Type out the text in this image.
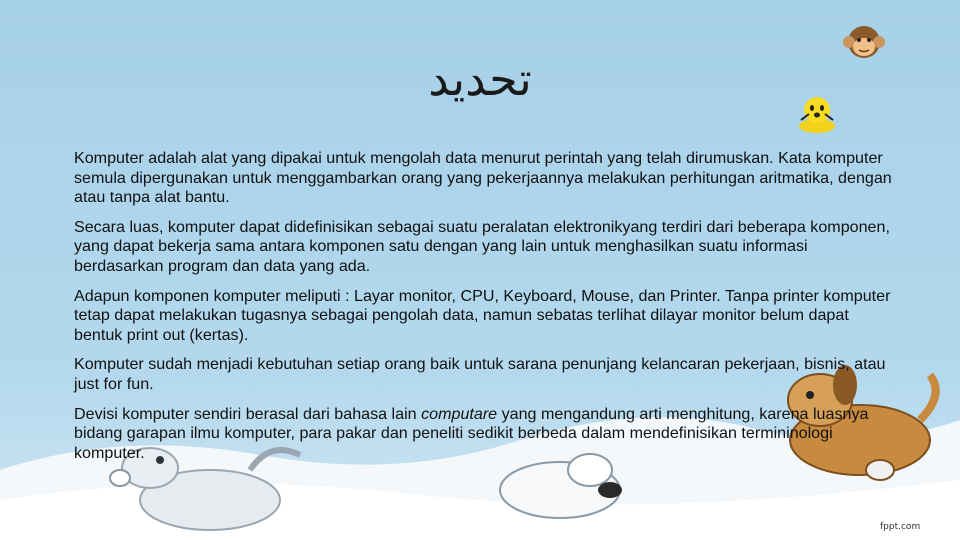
تحديد

Komputer adalah alat yang dipakai untuk mengolah data menurut perintah yang telah dirumuskan. Kata komputer semula dipergunakan untuk menggambarkan orang yang pekerjaannya melakukan perhitungan aritmatika, dengan atau tanpa alat bantu.

Secara luas, komputer dapat didefinisikan sebagai suatu peralatan elektronikyang terdiri dari beberapa komponen, yang dapat bekerja sama antara komponen satu dengan yang lain untuk menghasilkan suatu informasi berdasarkan program dan data yang ada.

Adapun komponen komputer meliputi : Layar monitor, CPU, Keyboard, Mouse, dan Printer. Tanpa printer komputer tetap dapat melakukan tugasnya sebagai pengolah data, namun sebatas terlihat dilayar monitor belum dapat bentuk print out (kertas).

Komputer sudah menjadi kebutuhan setiap orang baik untuk sarana penunjang kelancaran pekerjaan, bisnis, atau just for fun.

Devisi komputer sendiri berasal dari bahasa lain computare yang mengandung arti menghitung, karena luasnya bidang garapan ilmu komputer, para pakar dan peneliti sedikit berbeda dalam mendefinisikan termininologi komputer.

fppt.com
